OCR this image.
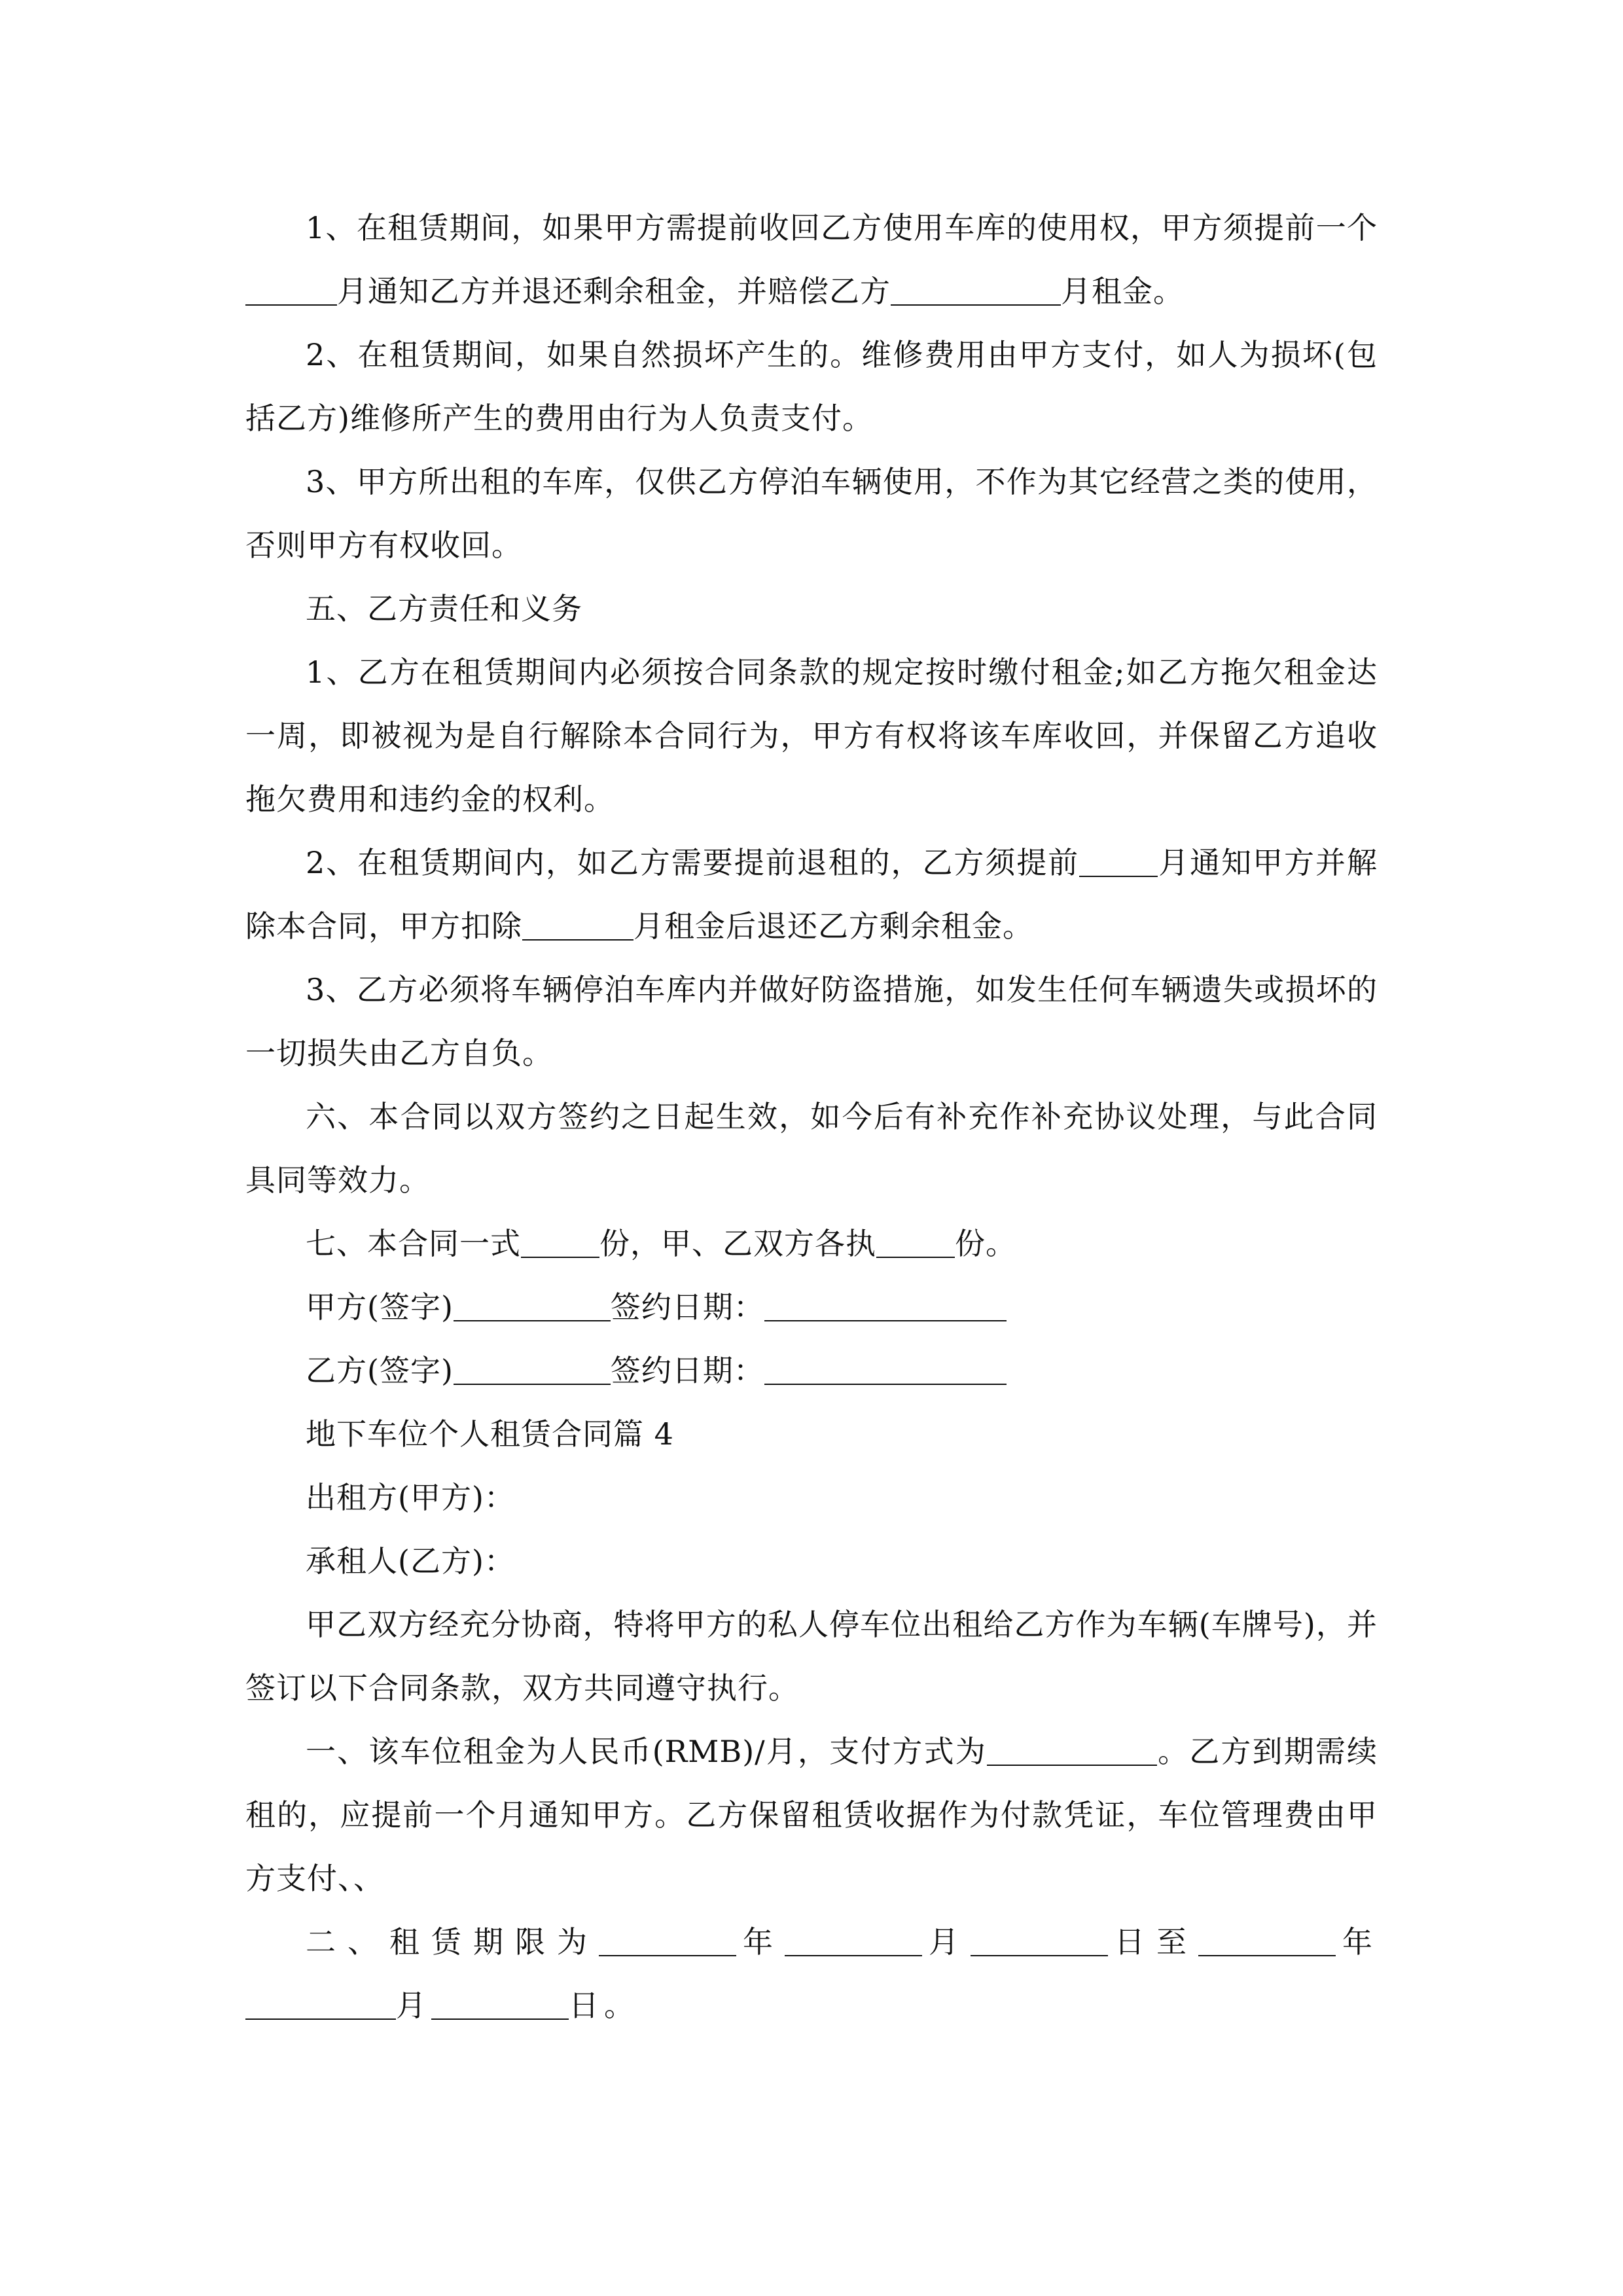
1、在租赁期间，如果甲方需提前收回乙方使用车库的使用权，甲方须提前一个月通知乙方并退还剩余租金，并赔偿乙方	月租金。

2、在租赁期间，如果自然损坏产生的。维修费用由甲方支付，如人为损坏(包括乙方)维修所产生的费用由行为人负责支付。

3、甲方所出租的车库，仅供乙方停泊车辆使用，不作为其它经营之类的使用，否则甲方有权收回。

五、乙方责任和义务

1、乙方在租赁期间内必须按合同条款的规定按时缴付租金;如乙方拖欠租金达一周，即被视为是自行解除本合同行为，甲方有权将该车库收回，并保留乙方追收拖欠费用和违约金的权利。

2、在租赁期间内，如乙方需要提前退租的，乙方须提前	月通知甲方并解除本合同，甲方扣除	月租金后退还乙方剩余租金。

3、乙方必须将车辆停泊车库内并做好防盗措施，如发生任何车辆遗失或损坏的一切损失由乙方自负。

六、本合同以双方签约之日起生效，如今后有补充作补充协议处理，与此合同具同等效力。

七、本合同一式	份，甲、乙双方各执	份。

甲方(签字)	签约日期：

乙方(签字)	签约日期：

地下车位个人租赁合同篇 4

出租方(甲方)：

承租人(乙方)：

甲乙双方经充分协商，特将甲方的私人停车位出租给乙方作为车辆(车牌号)，并签订以下合同条款，双方共同遵守执行。

一、该车位租金为人民币(RMB)/月，支付方式为	。乙方到期需续租的，应提前一个月通知甲方。乙方保留租赁收据作为付款凭证，车位管理费由甲方支付、、

二、租赁期限为	年	月	日至	年月	日。
